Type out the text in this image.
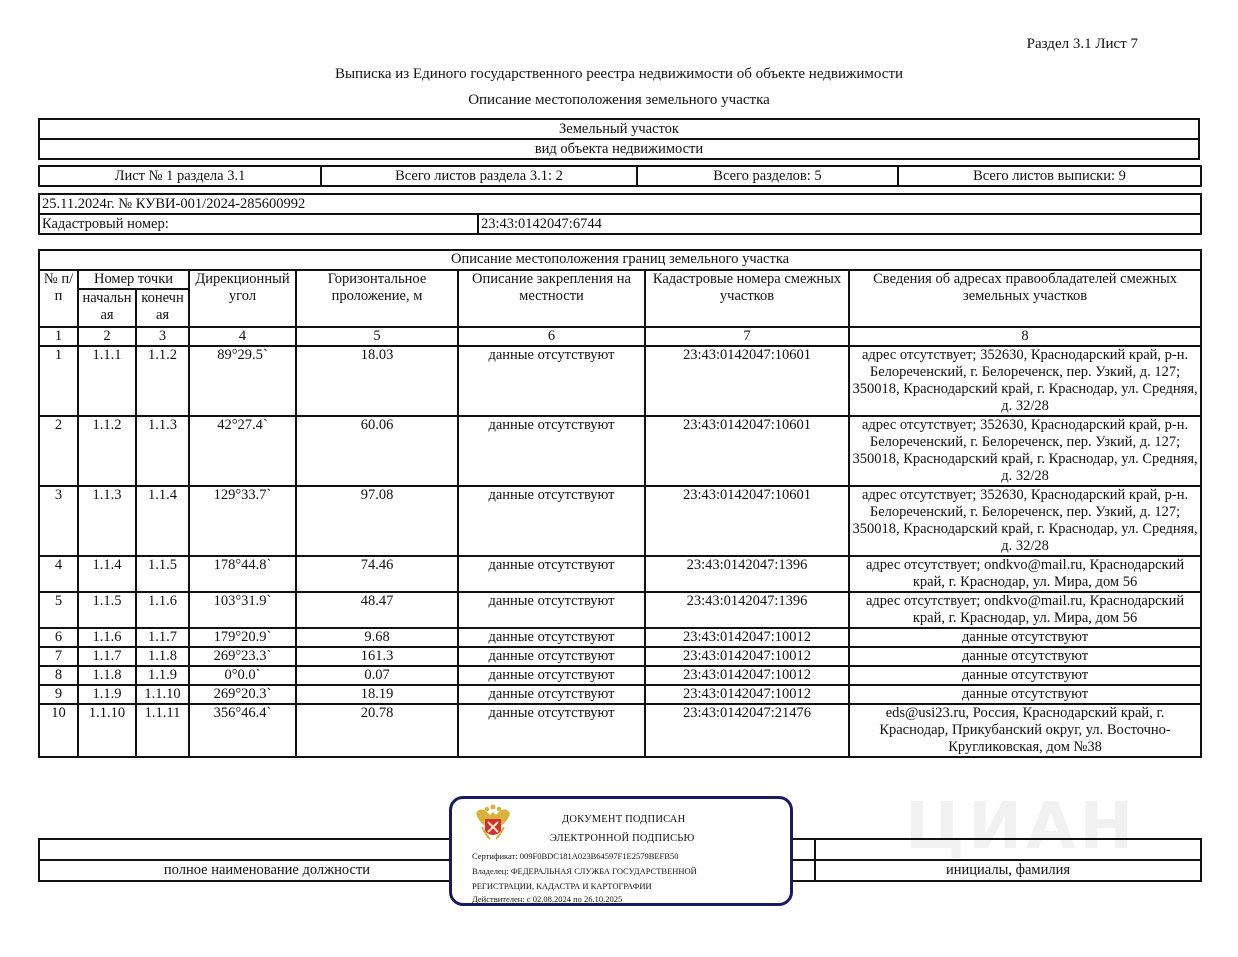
Раздел 3.1 Лист 7
Выписка из Единого государственного реестра недвижимости об объекте недвижимости
Описание местоположения земельного участка
Земельный участок
вид объекта недвижимости
Лист № 1 раздела 3.1	Всего листов раздела 3.1: 2	Всего разделов: 5	Всего листов выписки: 9
25.11.2024г. № КУВИ-001/2024-285600992
Кадастровый номер:	23:43:0142047:6744
Описание местоположения границ земельного участка							
№ п/п	Номер точки		Дирекционный угол	Горизонтальное проложение, м	Описание закрепления на местности	Кадастровые номера смежных участков	Сведения об адресах правообладателей смежных земельных участков
	начальн ая	конечн ая					
1	2	3	4	5	6	7	8
1	1.1.1	1.1.2	89°29.5`	18.03	данные отсутствуют	23:43:0142047:10601	адрес отсутствует; 352630, Краснодарский край, р-н. Белореченский, г. Белореченск, пер. Узкий, д. 127; 350018, Краснодарский край, г. Краснодар, ул. Средняя, д. 32/28
2	1.1.2	1.1.3	42°27.4`	60.06	данные отсутствуют	23:43:0142047:10601	адрес отсутствует; 352630, Краснодарский край, р-н. Белореченский, г. Белореченск, пер. Узкий, д. 127; 350018, Краснодарский край, г. Краснодар, ул. Средняя, д. 32/28
3	1.1.3	1.1.4	129°33.7`	97.08	данные отсутствуют	23:43:0142047:10601	адрес отсутствует; 352630, Краснодарский край, р-н. Белореченский, г. Белореченск, пер. Узкий, д. 127; 350018, Краснодарский край, г. Краснодар, ул. Средняя, д. 32/28
4	1.1.4	1.1.5	178°44.8`	74.46	данные отсутствуют	23:43:0142047:1396	адрес отсутствует; ondkvo@mail.ru, Краснодарский край, г. Краснодар, ул. Мира, дом 56
5	1.1.5	1.1.6	103°31.9`	48.47	данные отсутствуют	23:43:0142047:1396	адрес отсутствует; ondkvo@mail.ru, Краснодарский край, г. Краснодар, ул. Мира, дом 56
6	1.1.6	1.1.7	179°20.9`	9.68	данные отсутствуют	23:43:0142047:10012	данные отсутствуют
7	1.1.7	1.1.8	269°23.3`	161.3	данные отсутствуют	23:43:0142047:10012	данные отсутствуют
8	1.1.8	1.1.9	0°0.0`	0.07	данные отсутствуют	23:43:0142047:10012	данные отсутствуют
9	1.1.9	1.1.10	269°20.3`	18.19	данные отсутствуют	23:43:0142047:10012	данные отсутствуют
10	1.1.10	1.1.11	356°46.4`	20.78	данные отсутствуют	23:43:0142047:21476	eds@usi23.ru, Россия, Краснодарский край, г. Краснодар, Прикубанский округ, ул. Восточно-Кругликовская, дом №38
ЦИАН

полное наименование должности	инициалы, фамилия
ДОКУМЕНТ ПОДПИСАН
ЭЛЕКТРОННОЙ ПОДПИСЬЮ
Сертификат: 009F0BDC181A023B64597F1E2579BEFB50
Владелец: ФЕДЕРАЛЬНАЯ СЛУЖБА ГОСУДАРСТВЕННОЙ
РЕГИСТРАЦИИ, КАДАСТРА И КАРТОГРАФИИ
Действителен: с 02.08.2024 по 26.10.2025
